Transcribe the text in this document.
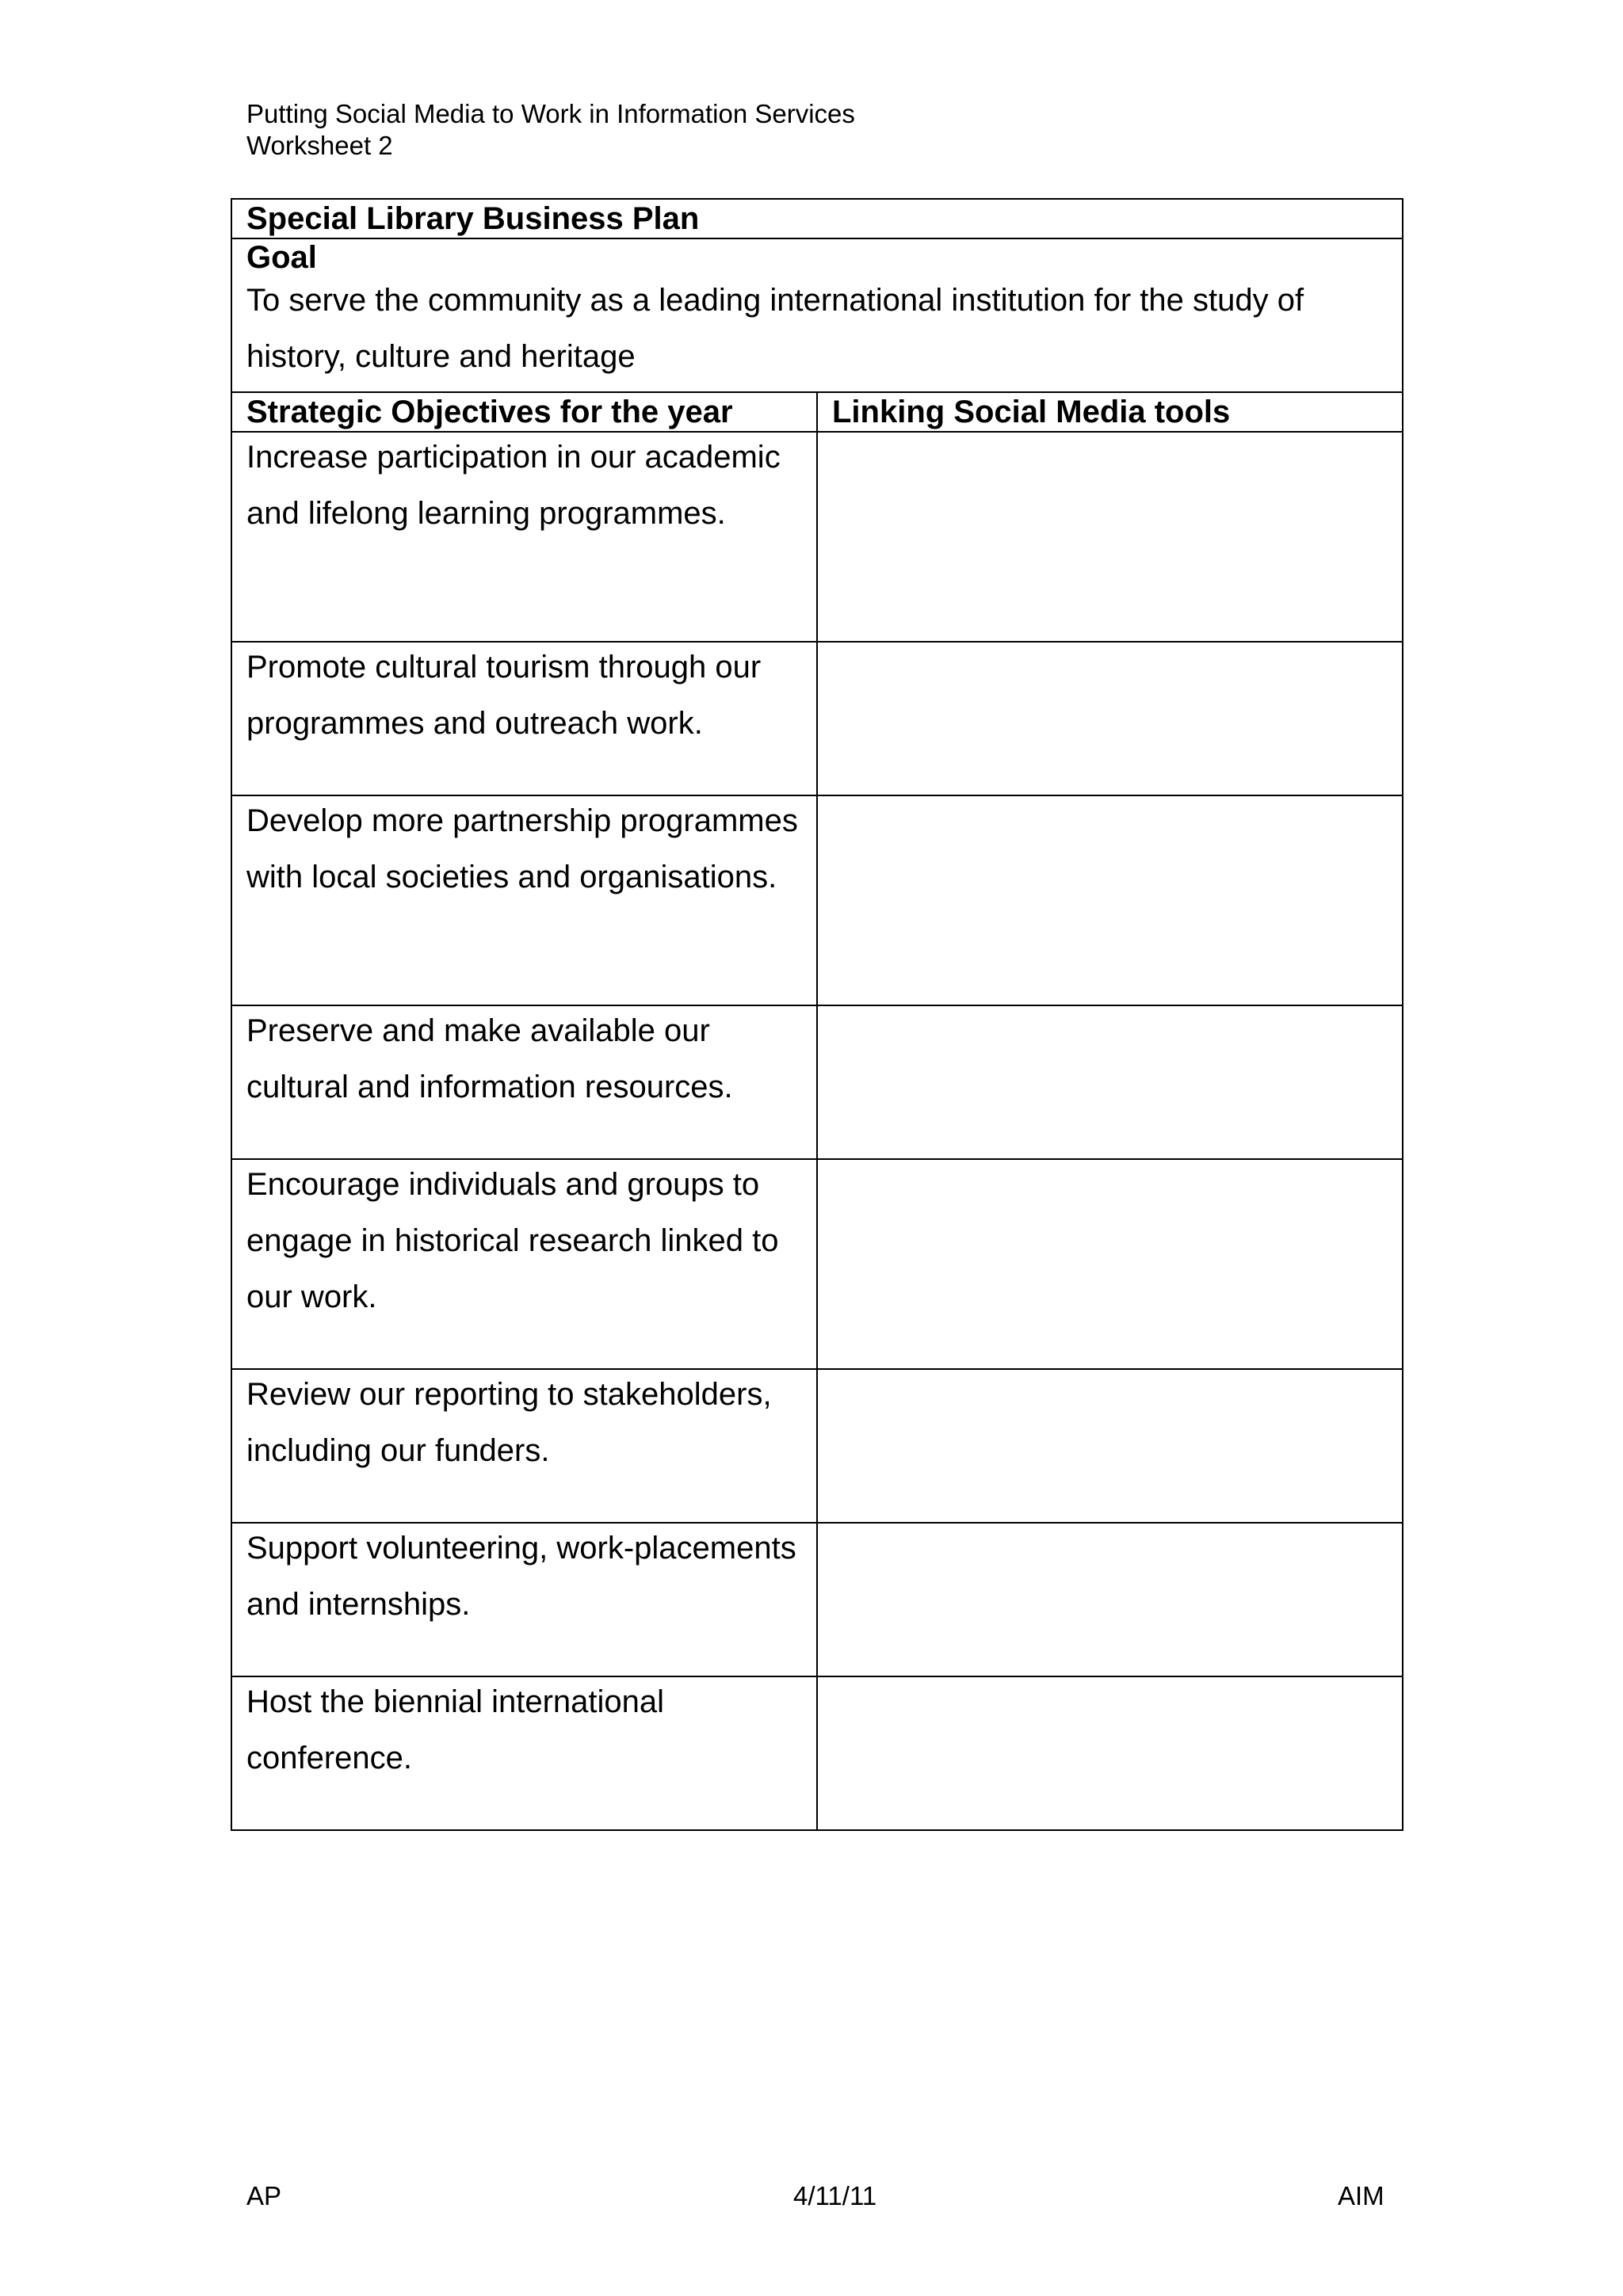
Putting Social Media to Work in Information Services
Worksheet 2
Special Library Business Plan	

Goal
To serve the community as a leading international institution for the study of history, culture and heritage	

Strategic Objectives for the year	Linking Social Media tools

Increase participation in our academic and lifelong learning programmes.	

Promote cultural tourism through our programmes and outreach work.	

Develop more partnership programmes with local societies and organisations.	

Preserve and make available our cultural and information resources.	

Encourage individuals and groups to engage in historical research linked to our work.	

Review our reporting to stakeholders, including our funders.	

Support volunteering, work-placements and internships.	

Host the biennial international conference.	

AP	4/11/11	AIM
